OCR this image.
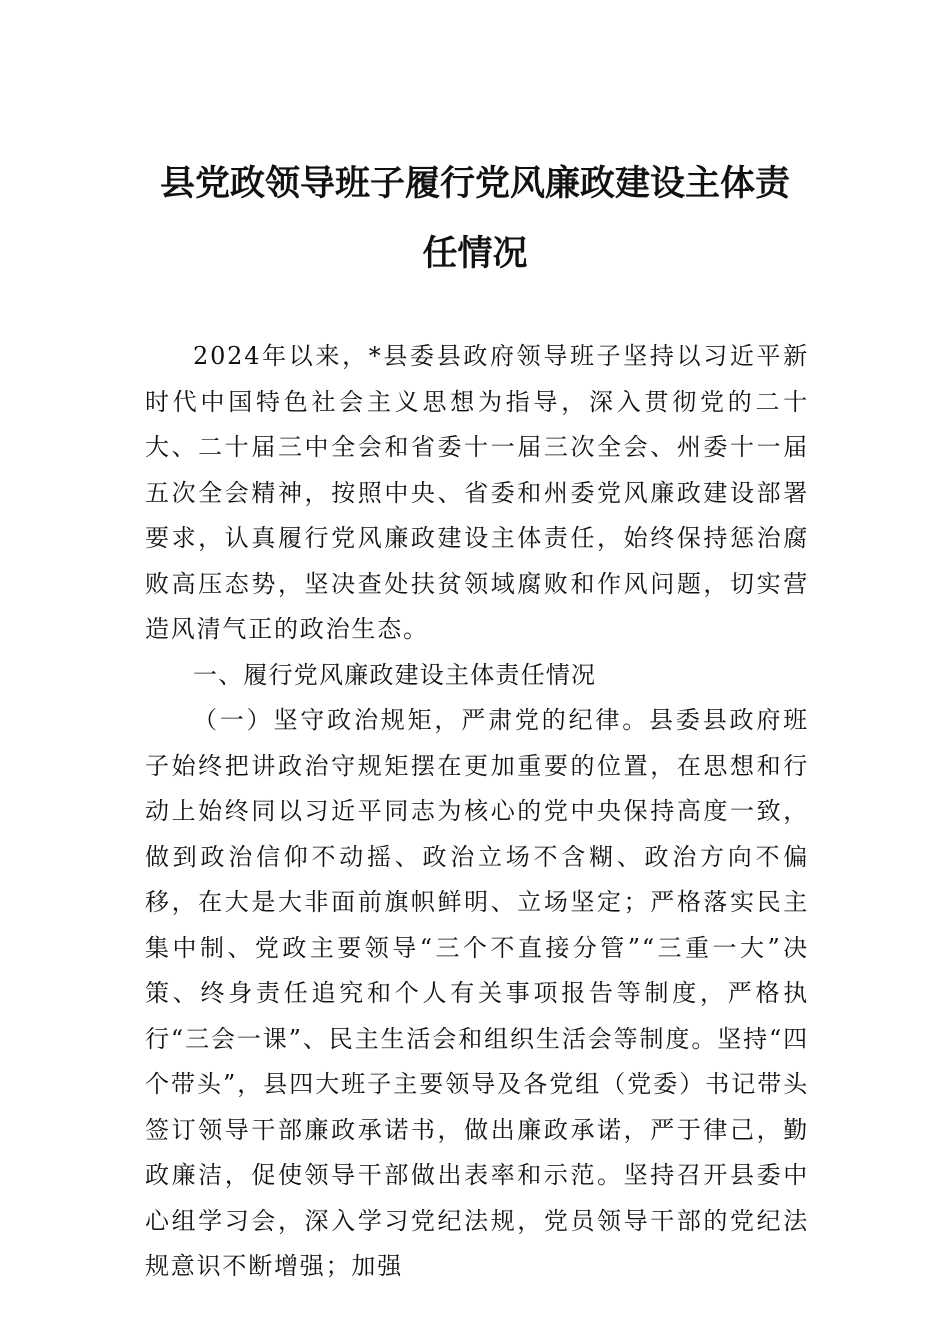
县党政领导班子履行党风廉政建设主体责
任情况

2024年以来，*县委县政府领导班子坚持以习近平新时代中国特色社会主义思想为指导，深入贯彻党的二十大、二十届三中全会和省委十一届三次全会、州委十一届五次全会精神，按照中央、省委和州委党风廉政建设部署要求，认真履行党风廉政建设主体责任，始终保持惩治腐败高压态势，坚决查处扶贫领域腐败和作风问题，切实营造风清气正的政治生态。

一、履行党风廉政建设主体责任情况

（一）坚守政治规矩，严肃党的纪律。县委县政府班子始终把讲政治守规矩摆在更加重要的位置，在思想和行动上始终同以习近平同志为核心的党中央保持高度一致，做到政治信仰不动摇、政治立场不含糊、政治方向不偏移，在大是大非面前旗帜鲜明、立场坚定；严格落实民主集中制、党政主要领导“三个不直接分管”“三重一大”决策、终身责任追究和个人有关事项报告等制度，严格执行“三会一课”、民主生活会和组织生活会等制度。坚持“四个带头”，县四大班子主要领导及各党组（党委）书记带头签订领导干部廉政承诺书，做出廉政承诺，严于律己，勤政廉洁，促使领导干部做出表率和示范。坚持召开县委中心组学习会，深入学习党纪法规，党员领导干部的党纪法规意识不断增强；加强
